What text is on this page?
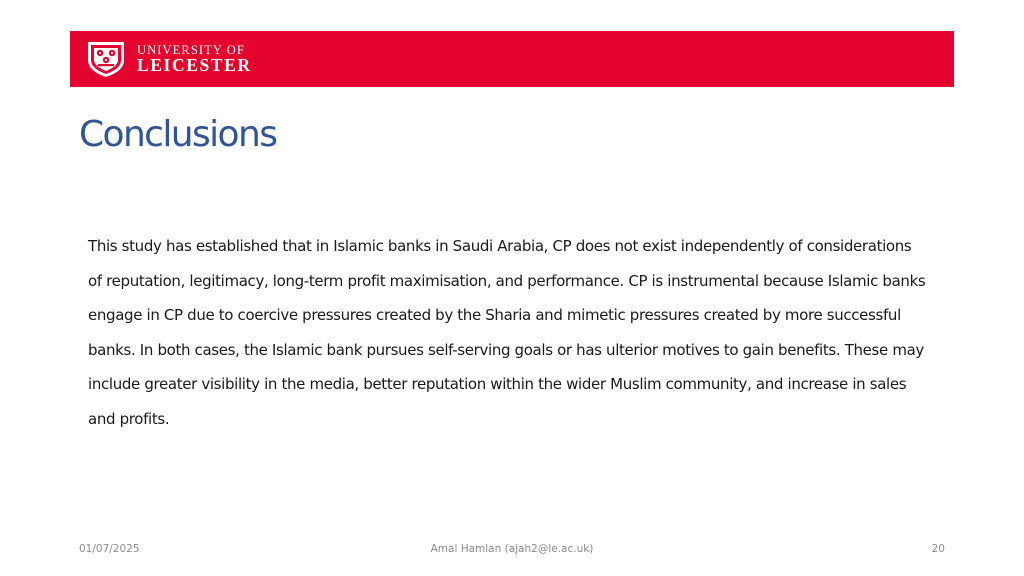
UNIVERSITY OF
LEICESTER
Conclusions

This study has established that in Islamic banks in Saudi Arabia, CP does not exist independently of considerations of reputation, legitimacy, long-term profit maximisation, and performance. CP is instrumental because Islamic banks engage in CP due to coercive pressures created by the Sharia and mimetic pressures created by more successful banks. In both cases, the Islamic bank pursues self-serving goals or has ulterior motives to gain benefits. These may include greater visibility in the media, better reputation within the wider Muslim community, and increase in sales and profits.

01/07/2025	Amal Hamlan (ajah2@le.ac.uk)	20
